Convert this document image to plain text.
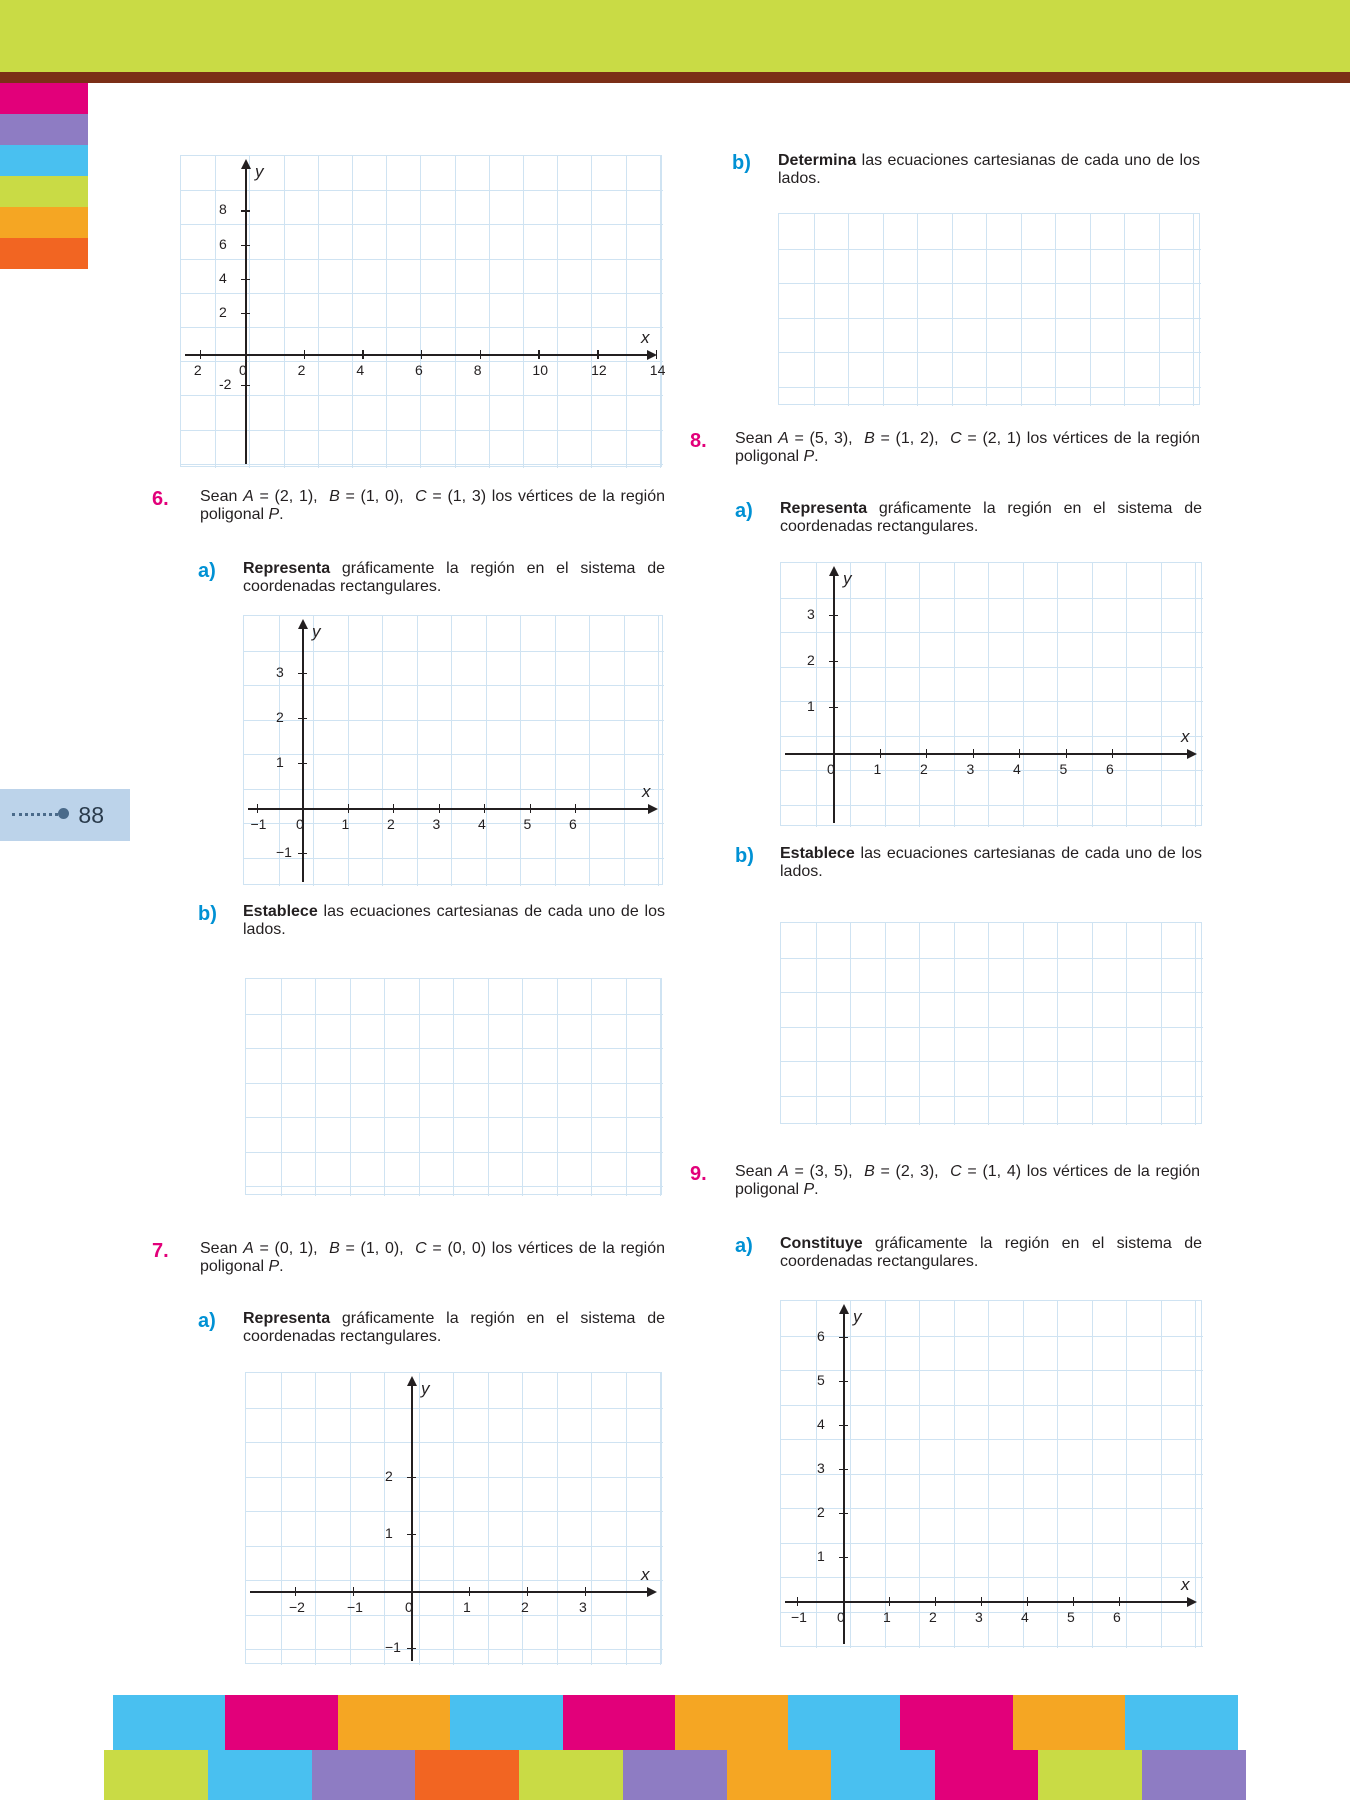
88
x
y
2	0	2	4	6	8	10	12	14
8
6
4
2
-2
6. Sean A = (2, 1),  B = (1, 0),  C = (1, 3) los vértices de la región poligonal P.
a) Representa gráficamente la región en el sistema de coordenadas rectangulares.
x
y
−1 0	1	2	3	4	5	6
3
2
1
−1
b) Establece las ecuaciones cartesianas de cada uno de los lados.
7. Sean A = (0, 1),  B = (1, 0),  C = (0, 0) los vértices de la región poligonal P.
a) Representa gráficamente la región en el sistema de coordenadas rectangulares.
x
y
−2	−1	0	1	2	3
2
1
−1
b) Determina las ecuaciones cartesianas de cada uno de los lados.
8. Sean A = (5, 3),  B = (1, 2),  C = (2, 1) los vértices de la región poligonal P.
a) Representa gráficamente la región en el sistema de coordenadas rectangulares.
x
y
0	1	2	3	4	5	6
3
2
1
b) Establece las ecuaciones cartesianas de cada uno de los lados.
9. Sean A = (3, 5),  B = (2, 3),  C = (1, 4) los vértices de la región poligonal P.
a) Constituye gráficamente la región en el sistema de coordenadas rectangulares.
x
y
−1 0	1	2	3	4	5	6
6
5
4
3
2
1
